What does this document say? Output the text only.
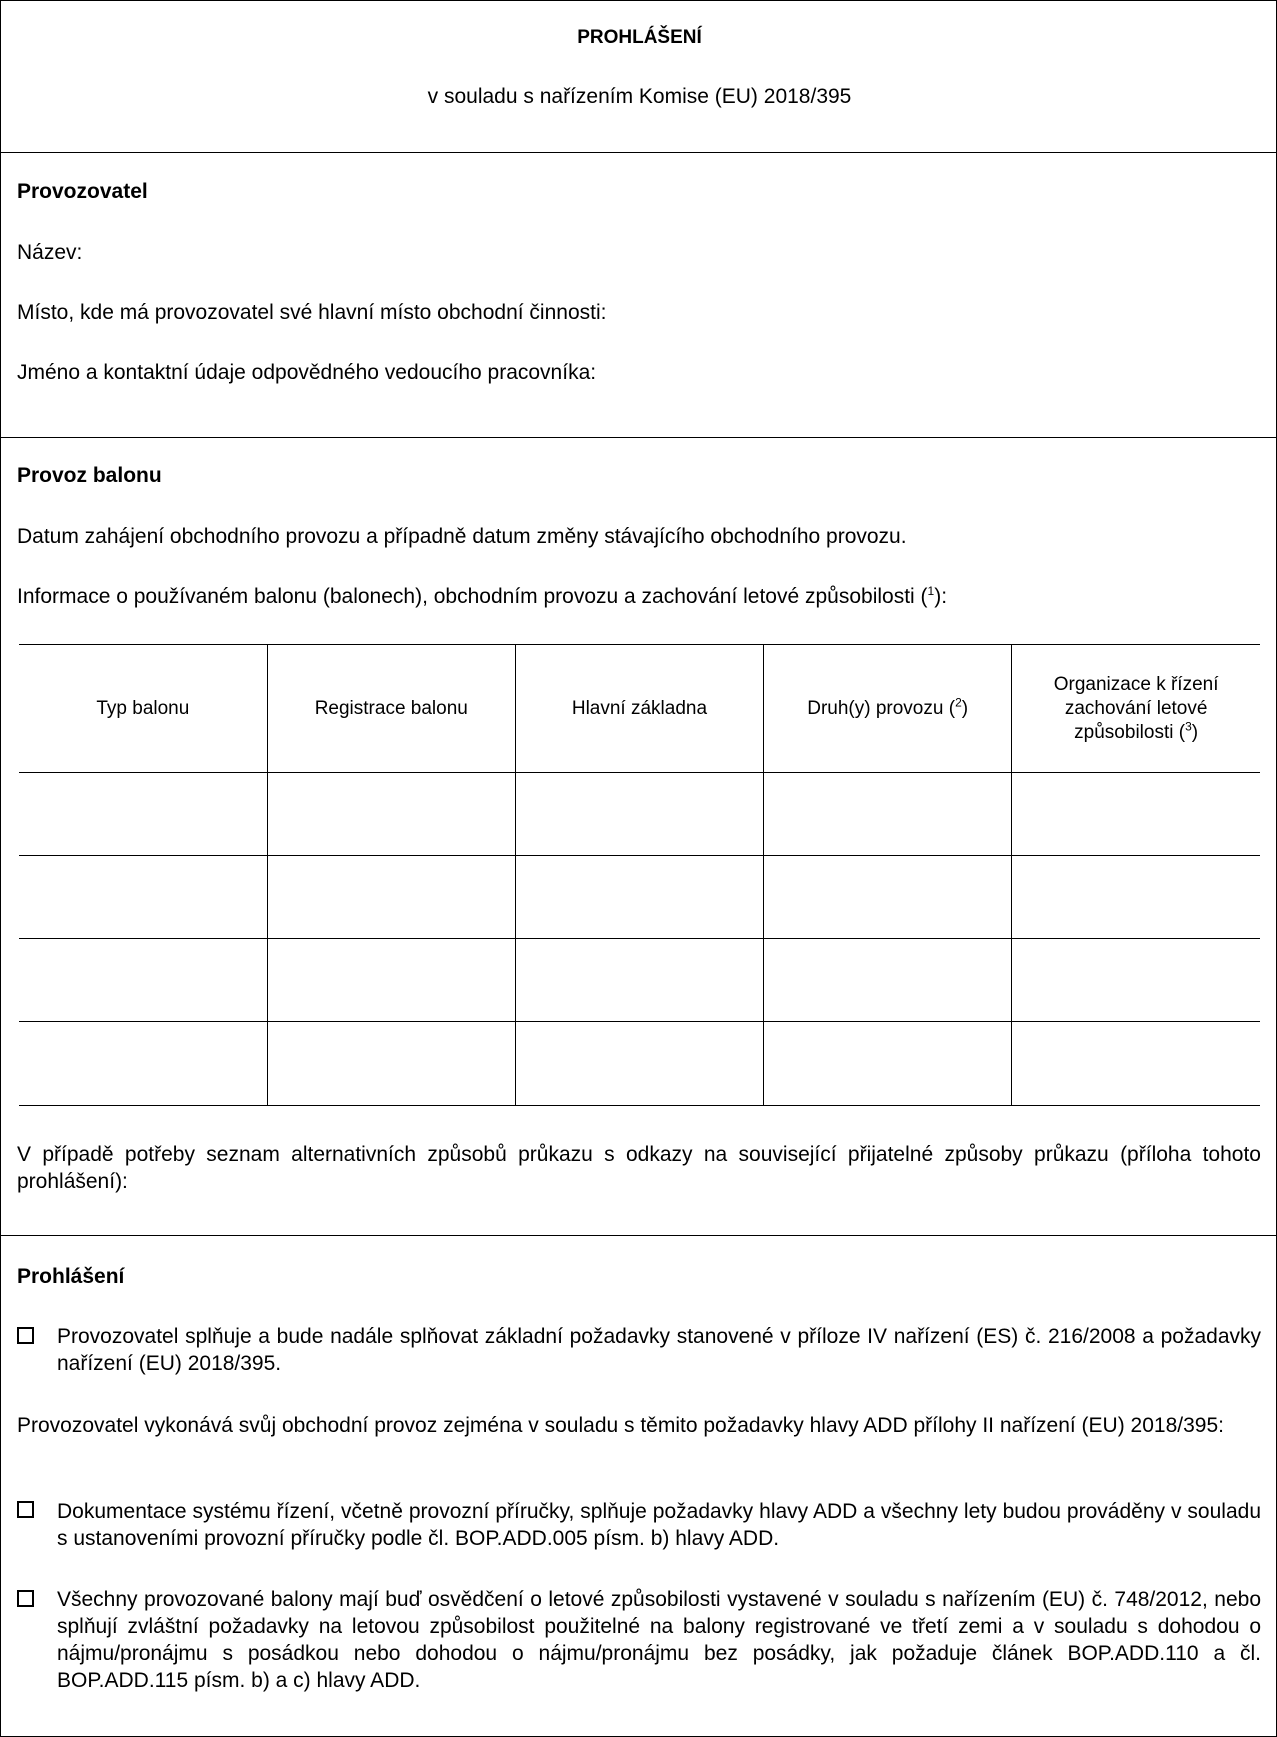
PROHLÁŠENÍ
v souladu s nařízením Komise (EU) 2018/395
Provozovatel
Název:
Místo, kde má provozovatel své hlavní místo obchodní činnosti:
Jméno a kontaktní údaje odpovědného vedoucího pracovníka:
Provoz balonu
Datum zahájení obchodního provozu a případně datum změny stávajícího obchodního provozu.
Informace o používaném balonu (balonech), obchodním provozu a zachování letové způsobilosti ($^1$):
Typ balonu	Registrace balonu	Hlavní základna	Druh(y) provozu ($^2$)	Organizace k řízení zachování letové způsobilosti ($^3$)

V případě potřeby seznam alternativních způsobů průkazu s odkazy na související přijatelné způsoby průkazu (příloha tohoto prohlášení):
Prohlášení
Provozovatel splňuje a bude nadále splňovat základní požadavky stanovené v příloze IV nařízení (ES) č. 216/2008 a požadavky nařízení (EU) 2018/395.
Provozovatel vykonává svůj obchodní provoz zejména v souladu s těmito požadavky hlavy ADD přílohy II nařízení (EU) 2018/395:
Dokumentace systému řízení, včetně provozní příručky, splňuje požadavky hlavy ADD a všechny lety budou prováděny v souladu s ustanoveními provozní příručky podle čl. BOP.ADD.005 písm. b) hlavy ADD.
Všechny provozované balony mají buď osvědčení o letové způsobilosti vystavené v souladu s nařízením (EU) č. 748/2012, nebo splňují zvláštní požadavky na letovou způsobilost použitelné na balony registrované ve třetí zemi a v souladu s dohodou o nájmu/pronájmu s posádkou nebo dohodou o nájmu/pronájmu bez posádky, jak požaduje článek BOP.ADD.110 a čl. BOP.ADD.115 písm. b) a c) hlavy ADD.
